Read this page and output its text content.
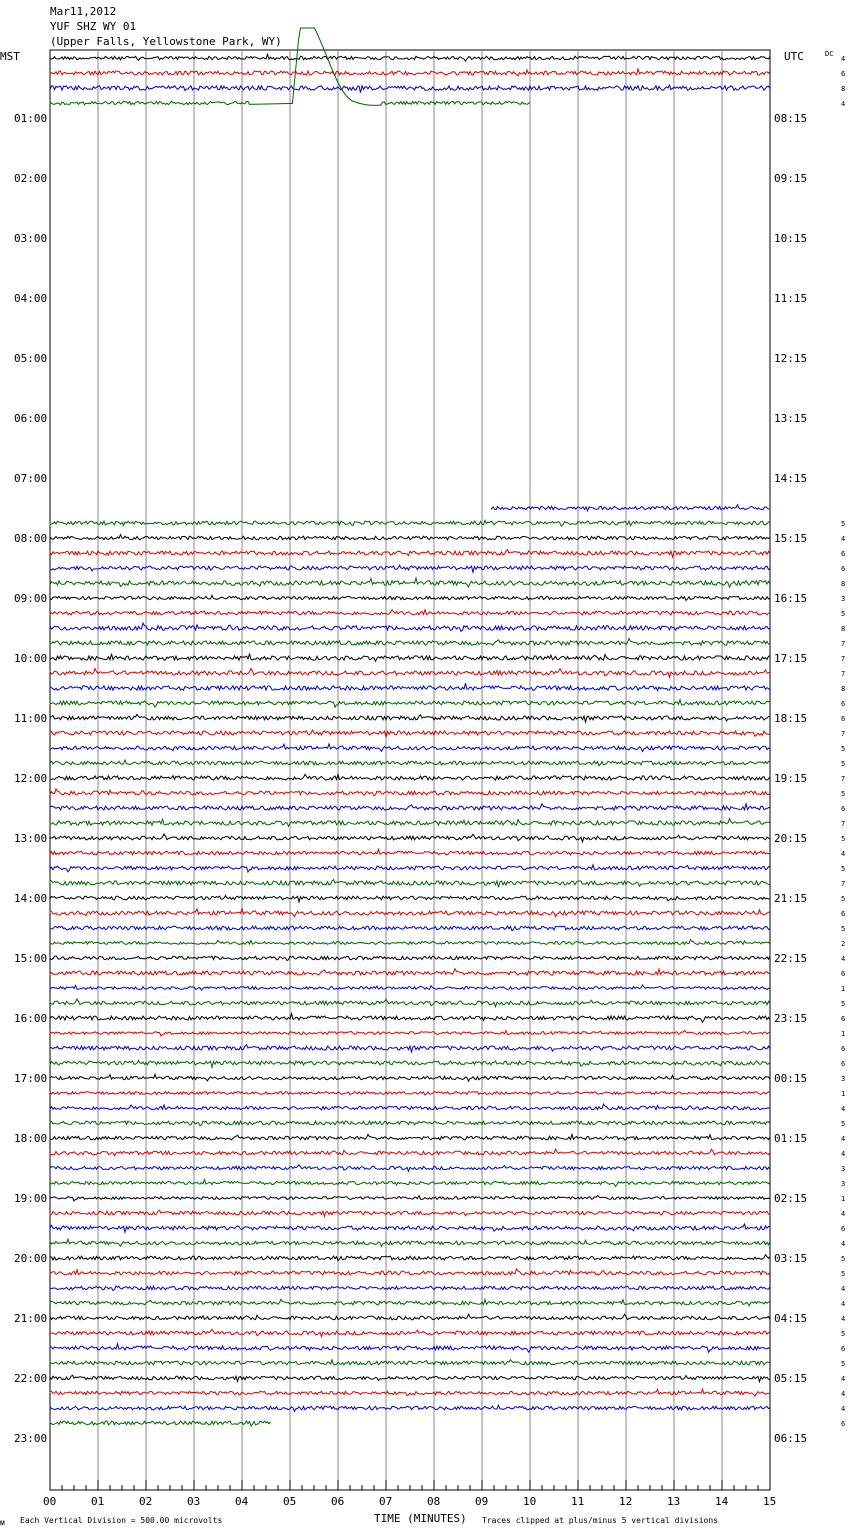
Mar11,2012
YUF SHZ WY 01
(Upper Falls, Yellowstone Park, WY)
MST	UTC	DC
01:00
02:00
03:00
04:00
05:00
06:00
07:00
08:00
09:00
10:00
11:00
12:00
13:00
14:00
15:00
16:00
17:00
18:00
19:00
20:00
21:00
22:00
23:00
08:15
09:15
10:15
11:15
12:15
13:15
14:15
15:15
16:15
17:15
18:15
19:15
20:15
21:15
22:15
23:15
00:15
01:15
02:15
03:15
04:15
05:15
06:15
4
6
8
4
5
4
6
6
8
3
5
8
7
7
7
8
6
6
7
5
5
7
5
6
7
5
4
5
7
5
6
5
2
4
6
1
5
6
1
6
6
3
1
4
5
4
4
3
3
1
4
6
4
5
5
4
4
4
5
6
5
4
4
4
6
00	01	02	03	04	05	06	07	08	09	10	11	12	13	14	15
ᴍ Each Vertical Division = 500.00 microvolts	TIME (MINUTES) Traces clipped at plus/minus 5 vertical divisions
